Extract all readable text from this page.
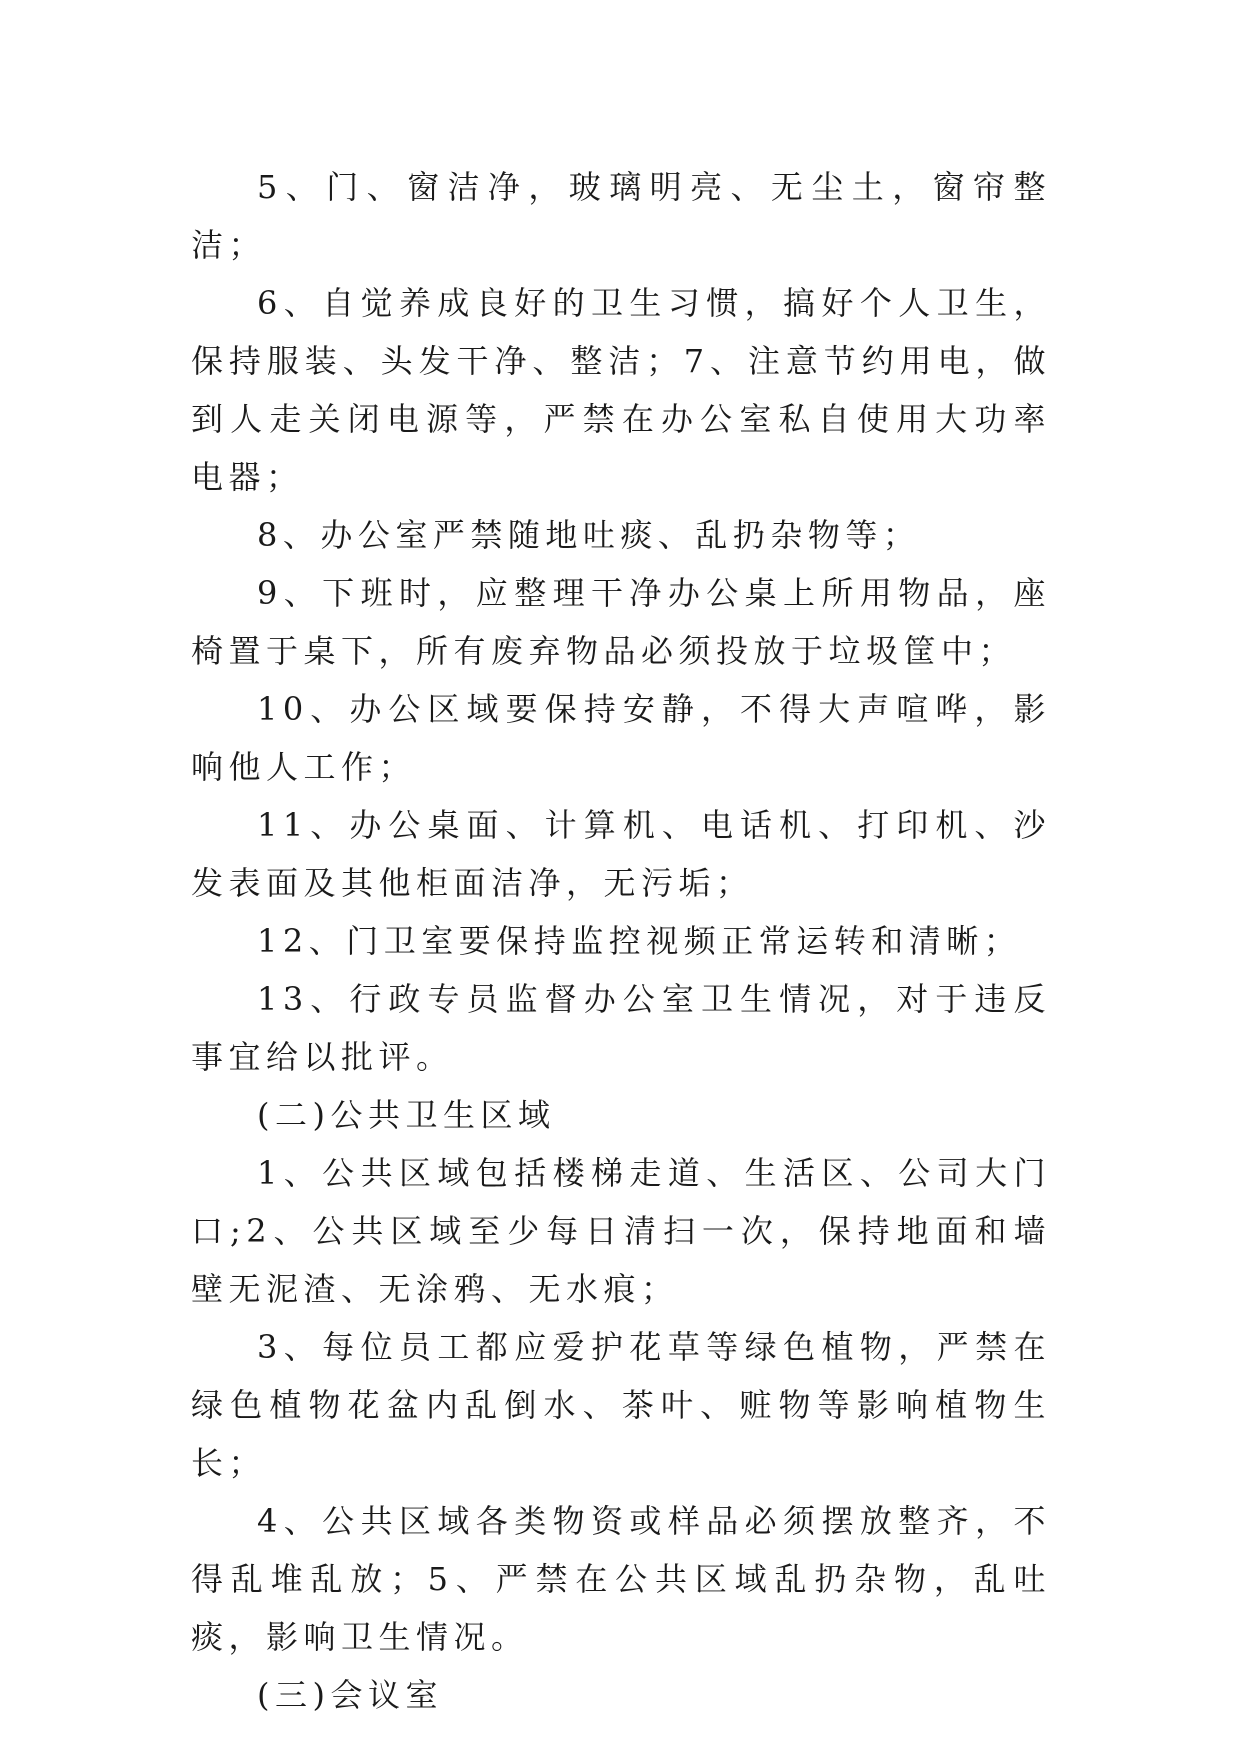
5、门、窗洁净，玻璃明亮、无尘土，窗帘整洁；

6、自觉养成良好的卫生习惯，搞好个人卫生，保持服装、头发干净、整洁；7、注意节约用电，做到人走关闭电源等，严禁在办公室私自使用大功率电器；

8、办公室严禁随地吐痰、乱扔杂物等；

9、下班时，应整理干净办公桌上所用物品，座椅置于桌下，所有废弃物品必须投放于垃圾筐中；

10、办公区域要保持安静，不得大声喧哗，影响他人工作；

11、办公桌面、计算机、电话机、打印机、沙发表面及其他柜面洁净，无污垢；

12、门卫室要保持监控视频正常运转和清晰；

13、行政专员监督办公室卫生情况，对于违反事宜给以批评。

(二)公共卫生区域

1、公共区域包括楼梯走道、生活区、公司大门口;2、公共区域至少每日清扫一次，保持地面和墙壁无泥渣、无涂鸦、无水痕；

3、每位员工都应爱护花草等绿色植物，严禁在绿色植物花盆内乱倒水、茶叶、赃物等影响植物生长；

4、公共区域各类物资或样品必须摆放整齐，不得乱堆乱放；5、严禁在公共区域乱扔杂物，乱吐痰，影响卫生情况。

(三)会议室
